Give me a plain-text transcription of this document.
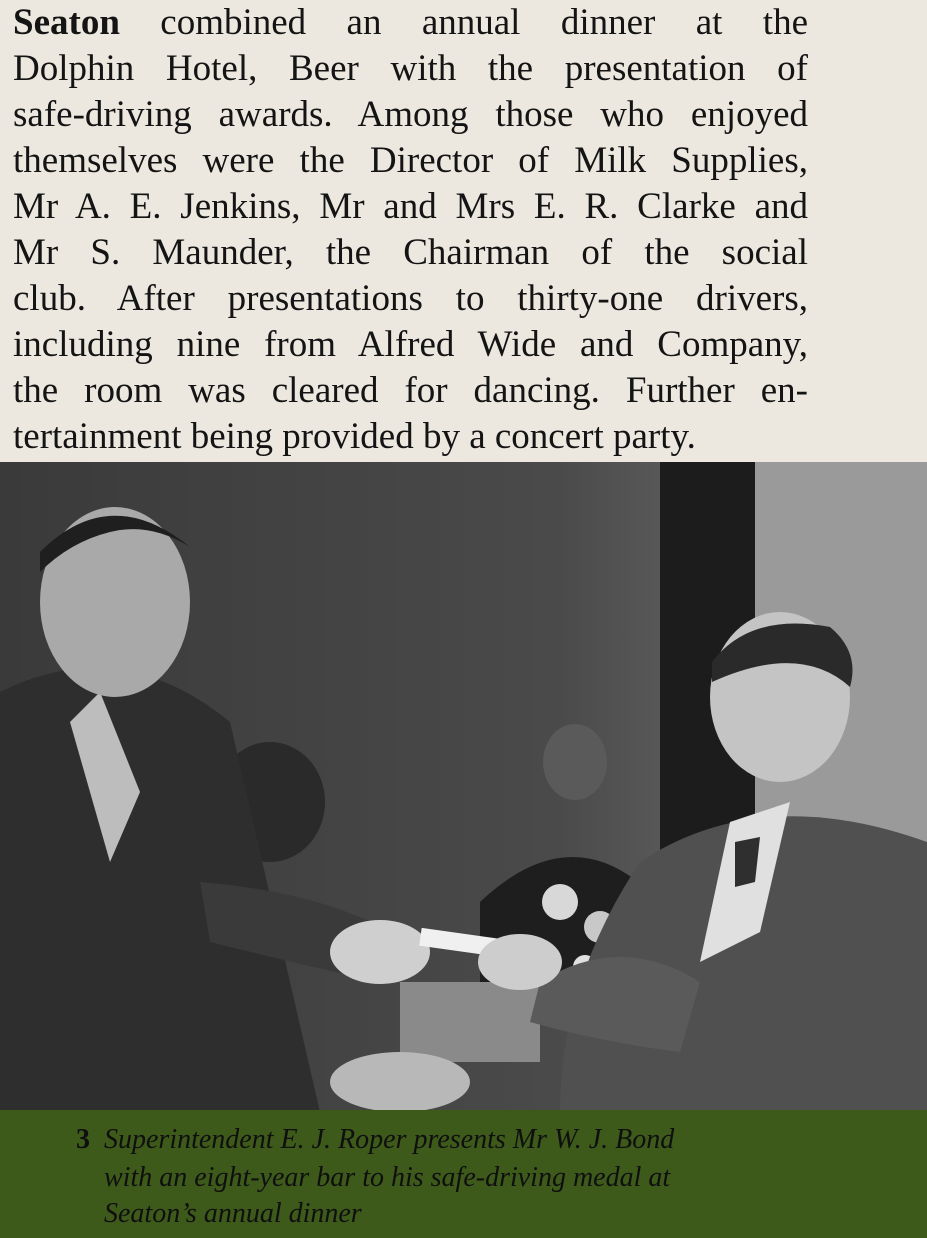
Seaton combined an annual dinner at the
Dolphin Hotel, Beer with the presentation of
safe-driving awards. Among those who enjoyed
themselves were the Director of Milk Supplies,
Mr A. E. Jenkins, Mr and Mrs E. R. Clarke and
Mr S. Maunder, the Chairman of the social
club. After presentations to thirty-one drivers,
including nine from Alfred Wide and Company,
the room was cleared for dancing. Further en-
tertainment being provided by a concert party.
3 Superintendent E. J. Roper presents Mr W. J. Bond
with an eight-year bar to his safe-driving medal at
Seaton’s annual dinner
